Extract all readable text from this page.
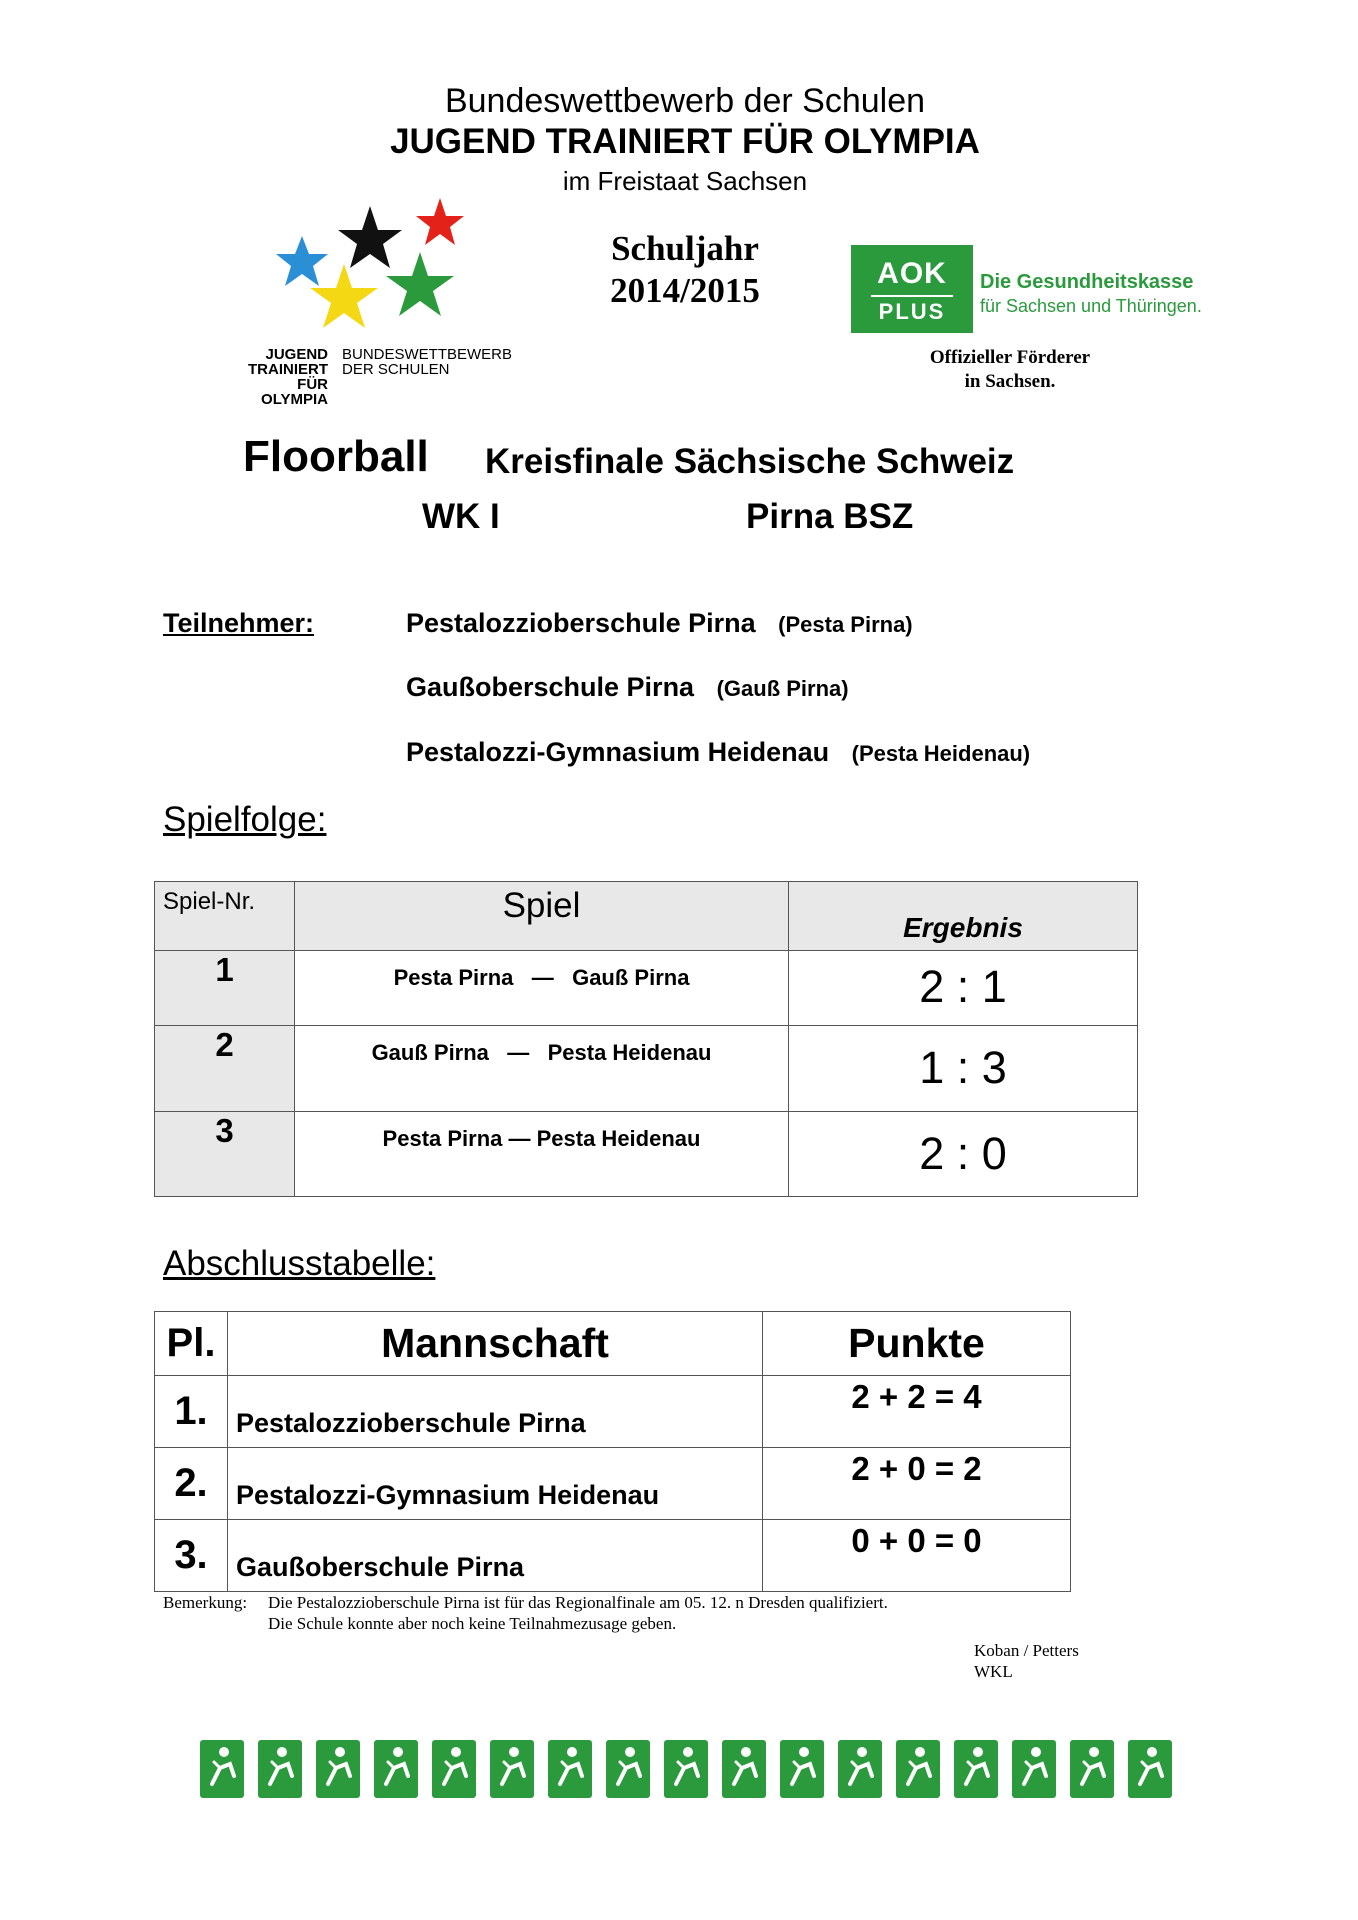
Bundeswettbewerb der Schulen
JUGEND TRAINIERT FÜR OLYMPIA
im Freistaat Sachsen
JUGEND
TRAINIERT
FÜR
OLYMPIA
BUNDESWETTBEWERB
DER SCHULEN
Schuljahr
2014/2015	AOK
PLUS
Die Gesundheitskasse
für Sachsen und Thüringen.
Offizieller Förderer
in Sachsen.
Floorball Kreisfinale Sächsische Schweiz
WK I	Pirna BSZ
Teilnehmer:	Pestalozzioberschule Pirna (Pesta Pirna)
Gaußoberschule Pirna (Gauß Pirna)
Pestalozzi-Gymnasium Heidenau (Pesta Heidenau)
Spielfolge:
Spiel-Nr.	Spiel	Ergebnis
1	Pesta Pirna   —   Gauß Pirna	2 : 1
2	Gauß Pirna   —   Pesta Heidenau	1 : 3
3	Pesta Pirna — Pesta Heidenau	2 : 0
Abschlusstabelle:
Pl.	Mannschaft	Punkte
1.	Pestalozzioberschule Pirna	2 + 2 = 4
2.	Pestalozzi-Gymnasium Heidenau	2 + 0 = 2
3.	Gaußoberschule Pirna	0 + 0 = 0
Bemerkung: Die Pestalozzioberschule Pirna ist für das Regionalfinale am 05. 12. n Dresden qualifiziert.
Die Schule konnte aber noch keine Teilnahmezusage geben.
Koban / Petters
WKL
